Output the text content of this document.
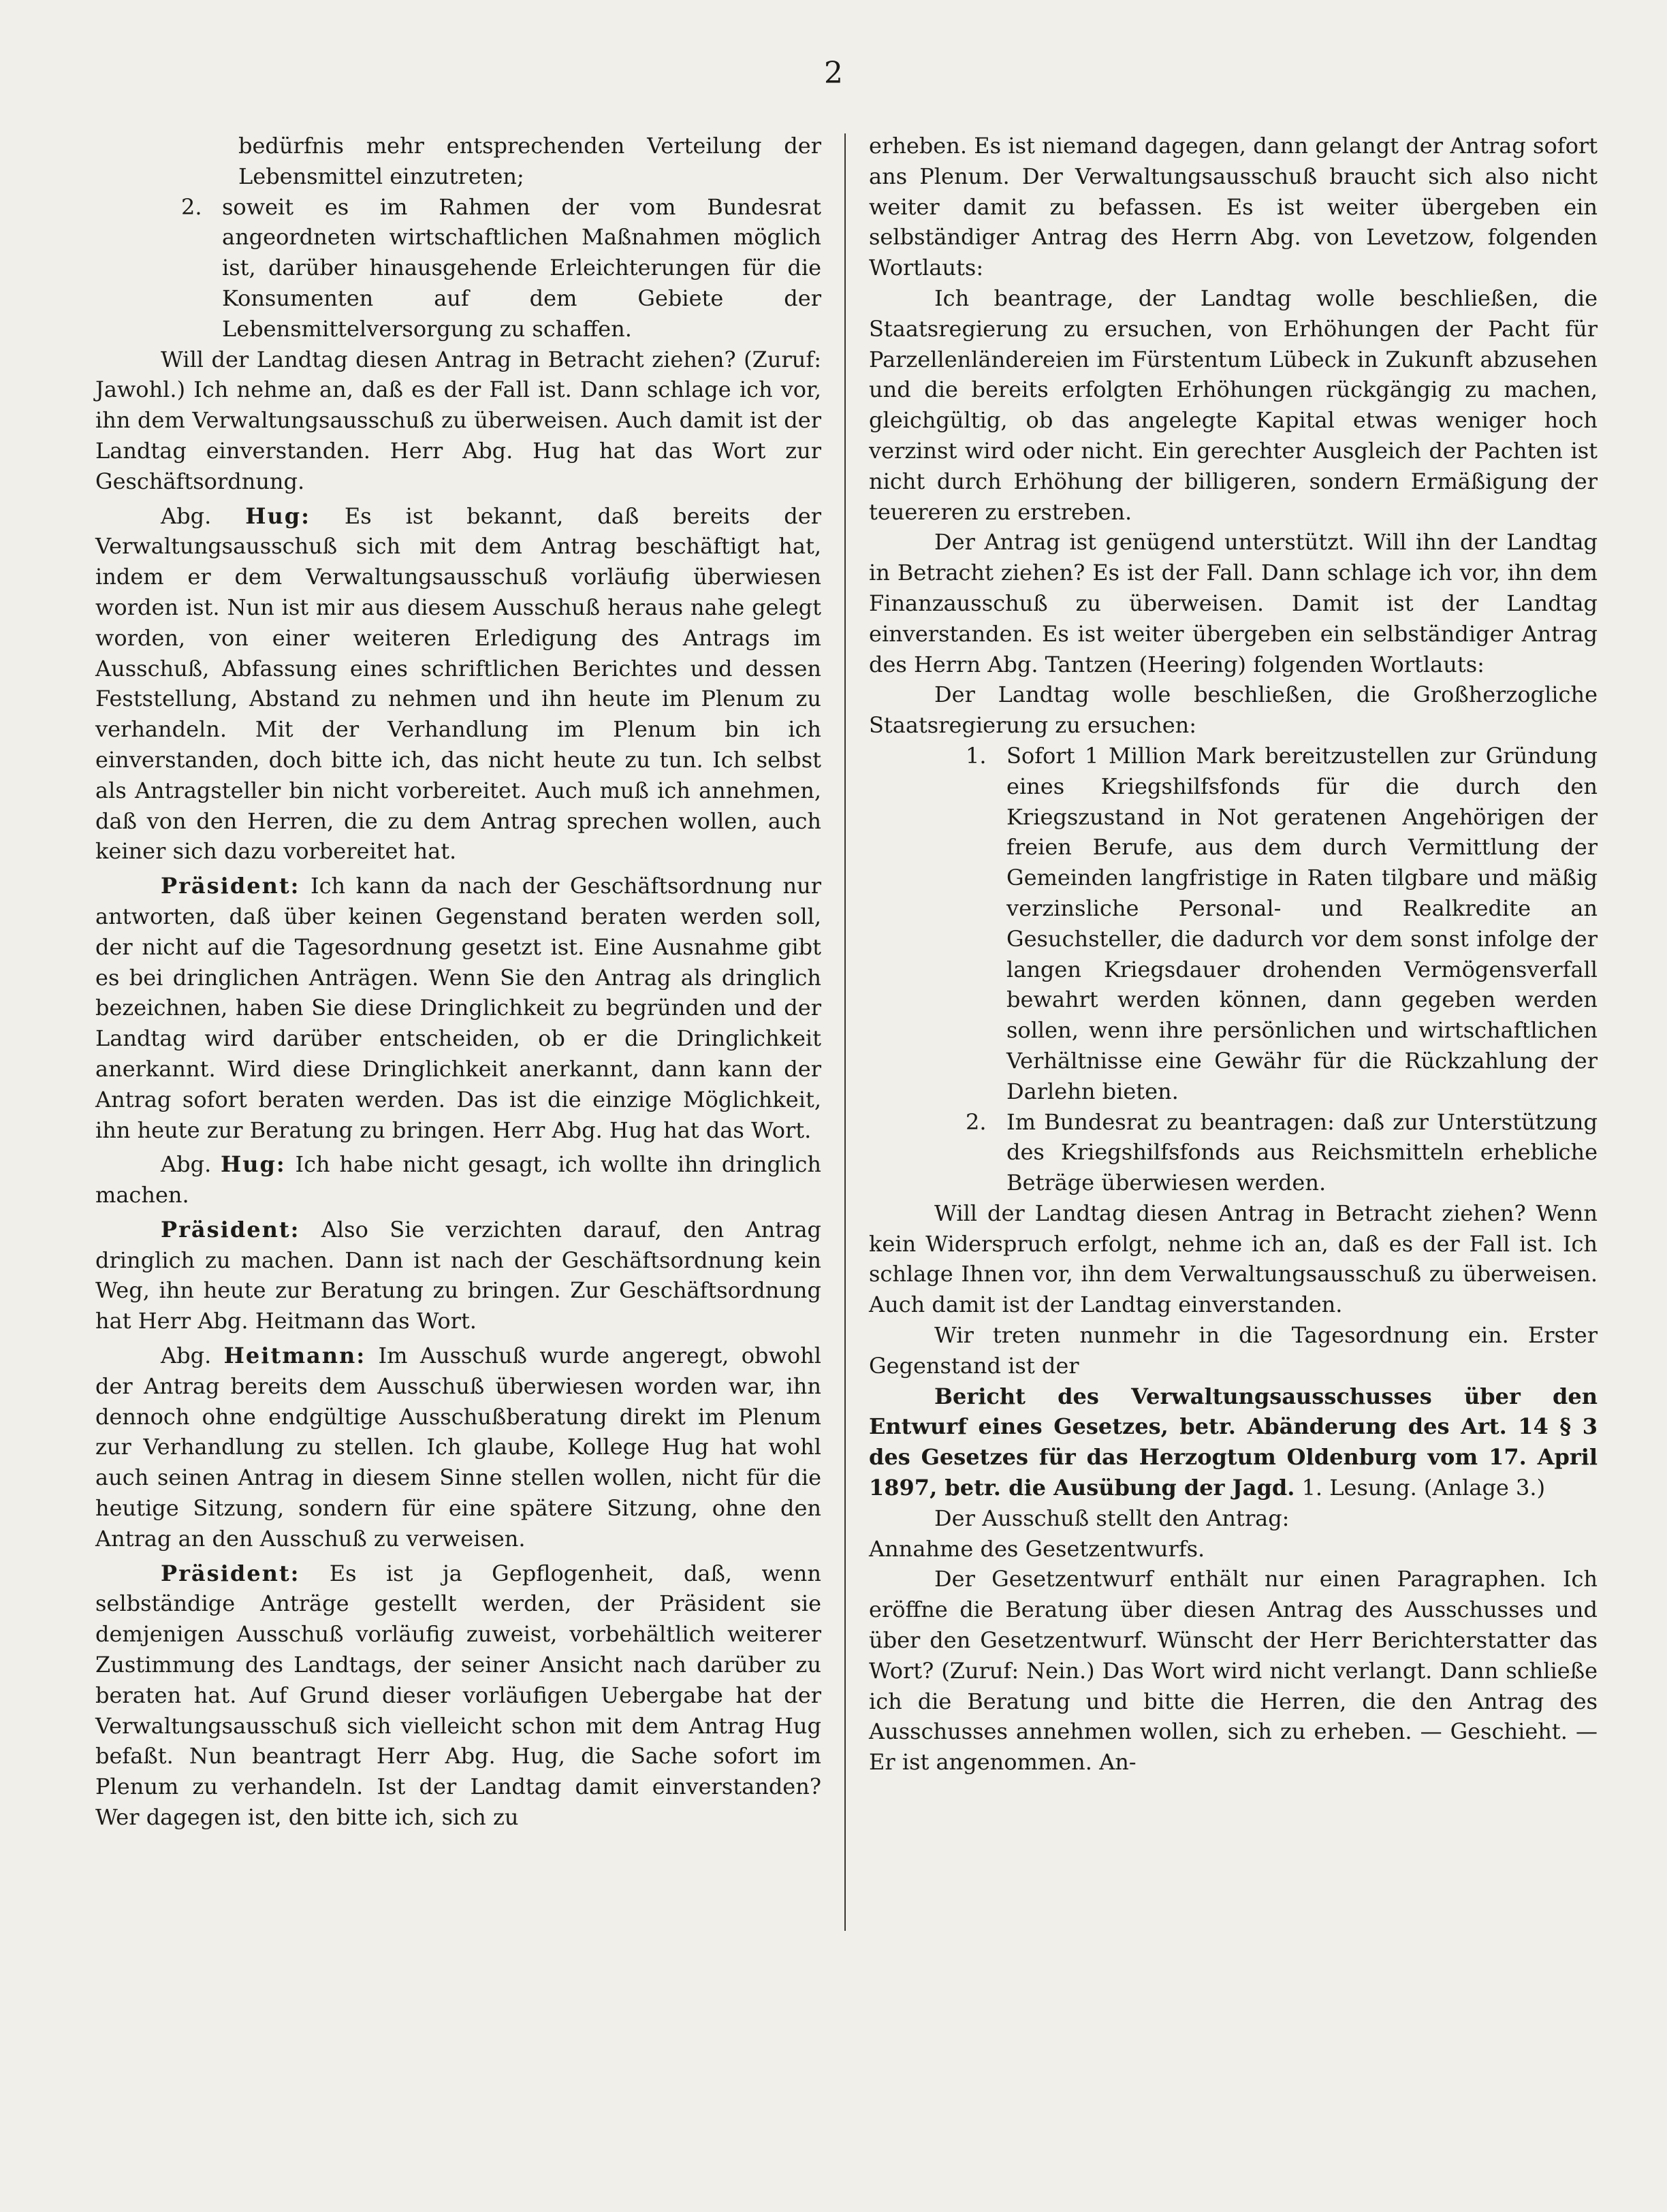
2

bedürfnis mehr entsprechenden Verteilung der Lebensmittel einzutreten;

2. soweit es im Rahmen der vom Bundesrat angeordneten wirtschaftlichen Maßnahmen möglich ist, darüber hinausgehende Erleichterungen für die Konsumenten auf dem Gebiete der Lebensmittelversorgung zu schaffen.

Will der Landtag diesen Antrag in Betracht ziehen? (Zuruf: Jawohl.) Ich nehme an, daß es der Fall ist. Dann schlage ich vor, ihn dem Verwaltungsausschuß zu überweisen. Auch damit ist der Landtag einverstanden. Herr Abg. Hug hat das Wort zur Geschäftsordnung.

Abg. Hug: Es ist bekannt, daß bereits der Verwaltungsausschuß sich mit dem Antrag beschäftigt hat, indem er dem Verwaltungsausschuß vorläufig überwiesen worden ist. Nun ist mir aus diesem Ausschuß heraus nahe gelegt worden, von einer weiteren Erledigung des Antrags im Ausschuß, Abfassung eines schriftlichen Berichtes und dessen Feststellung, Abstand zu nehmen und ihn heute im Plenum zu verhandeln. Mit der Verhandlung im Plenum bin ich einverstanden, doch bitte ich, das nicht heute zu tun. Ich selbst als Antragsteller bin nicht vorbereitet. Auch muß ich annehmen, daß von den Herren, die zu dem Antrag sprechen wollen, auch keiner sich dazu vorbereitet hat.

Präsident: Ich kann da nach der Geschäftsordnung nur antworten, daß über keinen Gegenstand beraten werden soll, der nicht auf die Tagesordnung gesetzt ist. Eine Ausnahme gibt es bei dringlichen Anträgen. Wenn Sie den Antrag als dringlich bezeichnen, haben Sie diese Dringlichkeit zu begründen und der Landtag wird darüber entscheiden, ob er die Dringlichkeit anerkannt. Wird diese Dringlichkeit anerkannt, dann kann der Antrag sofort beraten werden. Das ist die einzige Möglichkeit, ihn heute zur Beratung zu bringen. Herr Abg. Hug hat das Wort.

Abg. Hug: Ich habe nicht gesagt, ich wollte ihn dringlich machen.

Präsident: Also Sie verzichten darauf, den Antrag dringlich zu machen. Dann ist nach der Geschäftsordnung kein Weg, ihn heute zur Beratung zu bringen. Zur Geschäftsordnung hat Herr Abg. Heitmann das Wort.

Abg. Heitmann: Im Ausschuß wurde angeregt, obwohl der Antrag bereits dem Ausschuß überwiesen worden war, ihn dennoch ohne endgültige Ausschußberatung direkt im Plenum zur Verhandlung zu stellen. Ich glaube, Kollege Hug hat wohl auch seinen Antrag in diesem Sinne stellen wollen, nicht für die heutige Sitzung, sondern für eine spätere Sitzung, ohne den Antrag an den Ausschuß zu verweisen.

Präsident: Es ist ja Gepflogenheit, daß, wenn selbständige Anträge gestellt werden, der Präsident sie demjenigen Ausschuß vorläufig zuweist, vorbehältlich weiterer Zustimmung des Landtags, der seiner Ansicht nach darüber zu beraten hat. Auf Grund dieser vorläufigen Uebergabe hat der Verwaltungsausschuß sich vielleicht schon mit dem Antrag Hug befaßt. Nun beantragt Herr Abg. Hug, die Sache sofort im Plenum zu verhandeln. Ist der Landtag damit einverstanden? Wer dagegen ist, den bitte ich, sich zu

erheben. Es ist niemand dagegen, dann gelangt der Antrag sofort ans Plenum. Der Verwaltungsausschuß braucht sich also nicht weiter damit zu befassen. Es ist weiter übergeben ein selbständiger Antrag des Herrn Abg. von Levetzow, folgenden Wortlauts:

Ich beantrage, der Landtag wolle beschließen, die Staatsregierung zu ersuchen, von Erhöhungen der Pacht für Parzellenländereien im Fürstentum Lübeck in Zukunft abzusehen und die bereits erfolgten Erhöhungen rückgängig zu machen, gleichgültig, ob das angelegte Kapital etwas weniger hoch verzinst wird oder nicht. Ein gerechter Ausgleich der Pachten ist nicht durch Erhöhung der billigeren, sondern Ermäßigung der teuereren zu erstreben.

Der Antrag ist genügend unterstützt. Will ihn der Landtag in Betracht ziehen? Es ist der Fall. Dann schlage ich vor, ihn dem Finanzausschuß zu überweisen. Damit ist der Landtag einverstanden. Es ist weiter übergeben ein selbständiger Antrag des Herrn Abg. Tantzen (Heering) folgenden Wortlauts:

Der Landtag wolle beschließen, die Großherzogliche Staatsregierung zu ersuchen:

1. Sofort 1 Million Mark bereitzustellen zur Gründung eines Kriegshilfsfonds für die durch den Kriegszustand in Not geratenen Angehörigen der freien Berufe, aus dem durch Vermittlung der Gemeinden langfristige in Raten tilgbare und mäßig verzinsliche Personal- und Realkredite an Gesuchsteller, die dadurch vor dem sonst infolge der langen Kriegsdauer drohenden Vermögensverfall bewahrt werden können, dann gegeben werden sollen, wenn ihre persönlichen und wirtschaftlichen Verhältnisse eine Gewähr für die Rückzahlung der Darlehn bieten.
2. Im Bundesrat zu beantragen: daß zur Unterstützung des Kriegshilfsfonds aus Reichsmitteln erhebliche Beträge überwiesen werden.

Will der Landtag diesen Antrag in Betracht ziehen? Wenn kein Widerspruch erfolgt, nehme ich an, daß es der Fall ist. Ich schlage Ihnen vor, ihn dem Verwaltungsausschuß zu überweisen. Auch damit ist der Landtag einverstanden.

Wir treten nunmehr in die Tagesordnung ein. Erster Gegenstand ist der

Bericht des Verwaltungsausschusses über den Entwurf eines Gesetzes, betr. Abänderung des Art. 14 § 3 des Gesetzes für das Herzogtum Oldenburg vom 17. April 1897, betr. die Ausübung der Jagd. 1. Lesung. (Anlage 3.)

Der Ausschuß stellt den Antrag:

Annahme des Gesetzentwurfs.

Der Gesetzentwurf enthält nur einen Paragraphen. Ich eröffne die Beratung über diesen Antrag des Ausschusses und über den Gesetzentwurf. Wünscht der Herr Berichterstatter das Wort? (Zuruf: Nein.) Das Wort wird nicht verlangt. Dann schließe ich die Beratung und bitte die Herren, die den Antrag des Ausschusses annehmen wollen, sich zu erheben. — Geschieht. — Er ist angenommen. An-
